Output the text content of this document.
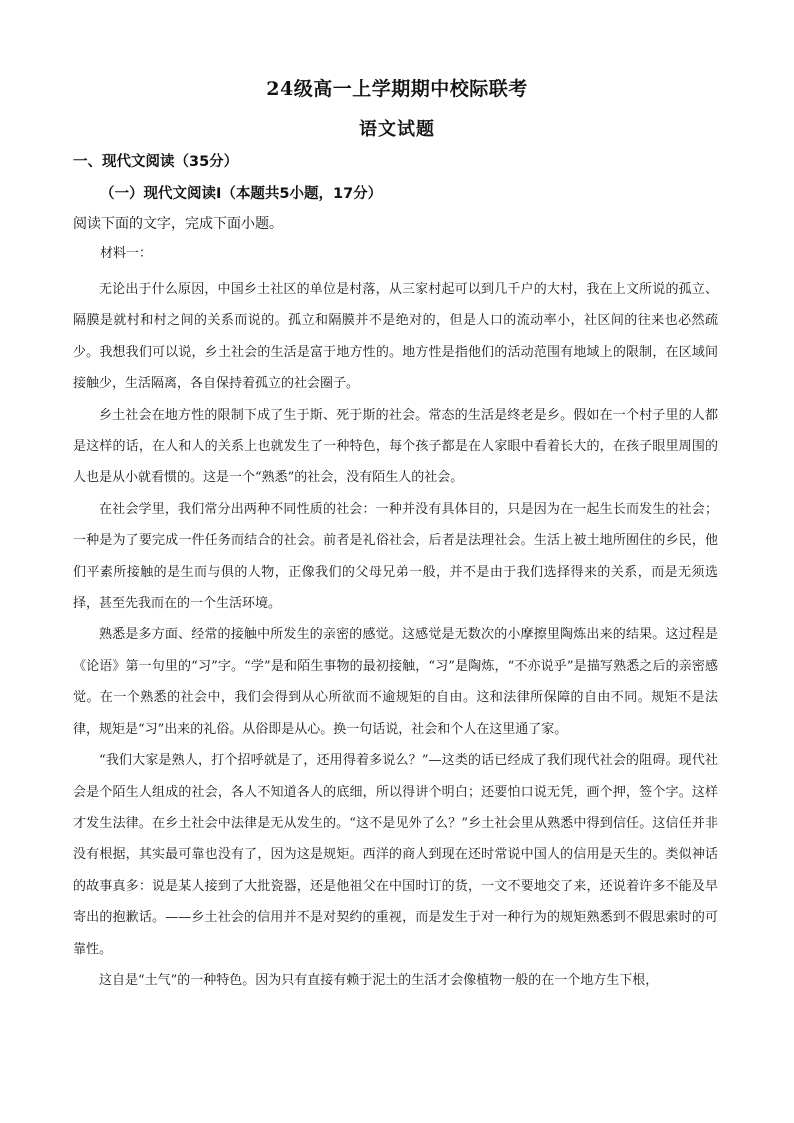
24级高一上学期期中校际联考
语文试题
一、现代文阅读（35分）
（一）现代文阅读Ⅰ（本题共5小题，17分）
阅读下面的文字，完成下面小题。
材料一：

无论出于什么原因，中国乡土社区的单位是村落，从三家村起可以到几千户的大村，我在上文所说的孤立、隔膜是就村和村之间的关系而说的。孤立和隔膜并不是绝对的，但是人口的流动率小，社区间的往来也必然疏少。我想我们可以说，乡土社会的生活是富于地方性的。地方性是指他们的活动范围有地域上的限制，在区域间接触少，生活隔离，各自保持着孤立的社会圈子。

乡土社会在地方性的限制下成了生于斯、死于斯的社会。常态的生活是终老是乡。假如在一个村子里的人都是这样的话，在人和人的关系上也就发生了一种特色，每个孩子都是在人家眼中看着长大的，在孩子眼里周围的人也是从小就看惯的。这是一个“熟悉”的社会，没有陌生人的社会。

在社会学里，我们常分出两种不同性质的社会：一种并没有具体目的，只是因为在一起生长而发生的社会；一种是为了要完成一件任务而结合的社会。前者是礼俗社会，后者是法理社会。生活上被土地所囿住的乡民，他们平素所接触的是生而与俱的人物，正像我们的父母兄弟一般，并不是由于我们选择得来的关系，而是无须选择，甚至先我而在的一个生活环境。

熟悉是多方面、经常的接触中所发生的亲密的感觉。这感觉是无数次的小摩擦里陶炼出来的结果。这过程是《论语》第一句里的“习”字。“学”是和陌生事物的最初接触，“习”是陶炼，“不亦说乎”是描写熟悉之后的亲密感觉。在一个熟悉的社会中，我们会得到从心所欲而不逾规矩的自由。这和法律所保障的自由不同。规矩不是法律，规矩是“习”出来的礼俗。从俗即是从心。换一句话说，社会和个人在这里通了家。

“我们大家是熟人，打个招呼就是了，还用得着多说么？”—这类的话已经成了我们现代社会的阻碍。现代社会是个陌生人组成的社会，各人不知道各人的底细，所以得讲个明白；还要怕口说无凭，画个押，签个字。这样才发生法律。在乡土社会中法律是无从发生的。“这不是见外了么？”乡土社会里从熟悉中得到信任。这信任并非没有根据，其实最可靠也没有了，因为这是规矩。西洋的商人到现在还时常说中国人的信用是天生的。类似神话的故事真多：说是某人接到了大批瓷器，还是他祖父在中国时订的货，一文不要地交了来，还说着许多不能及早寄出的抱歉话。——乡土社会的信用并不是对契约的重视，而是发生于对一种行为的规矩熟悉到不假思索时的可靠性。

这自是“土气”的一种特色。因为只有直接有赖于泥土的生活才会像植物一般的在一个地方生下根，
